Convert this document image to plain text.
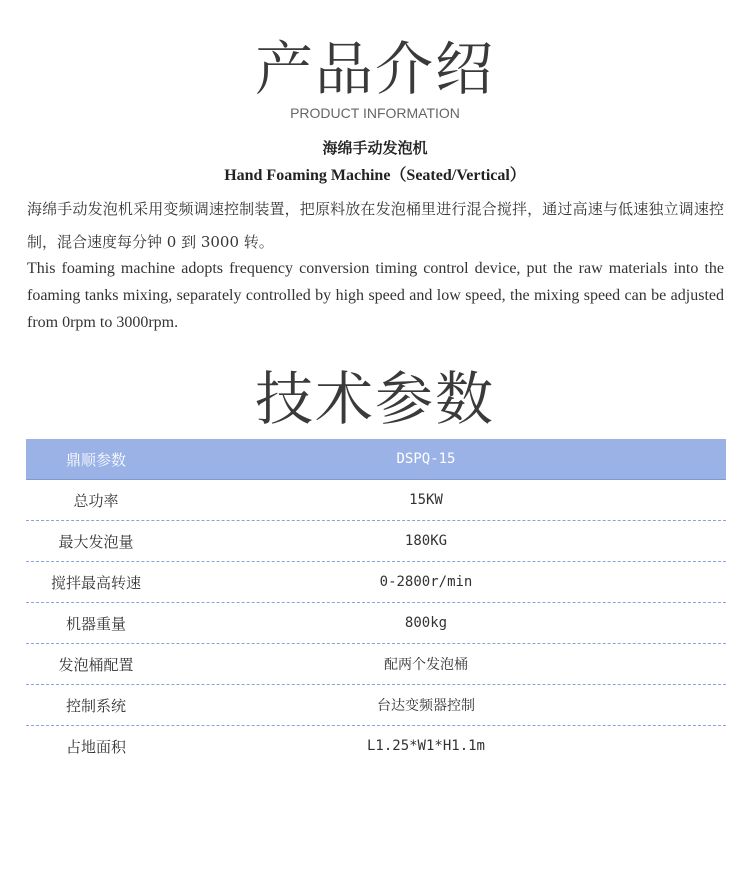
产品介绍
PRODUCT INFORMATION
海绵手动发泡机
Hand Foaming Machine（Seated/Vertical）
海绵手动发泡机采用变频调速控制装置，把原料放在发泡桶里进行混合搅拌，通过高速与低速独立调速控制，混合速度每分钟 0 到 3000 转。
This foaming machine adopts frequency conversion timing control device, put the raw materials into the foaming tanks mixing, separately controlled by high speed and low speed, the mixing speed can be adjusted from 0rpm to 3000rpm.
技术参数
鼎顺参数	DSPQ-15
总功率	15KW
最大发泡量	180KG
搅拌最高转速	0-2800r/min
机器重量	800kg
发泡桶配置	配两个发泡桶
控制系统	台达变频器控制
占地面积	L1.25*W1*H1.1m
